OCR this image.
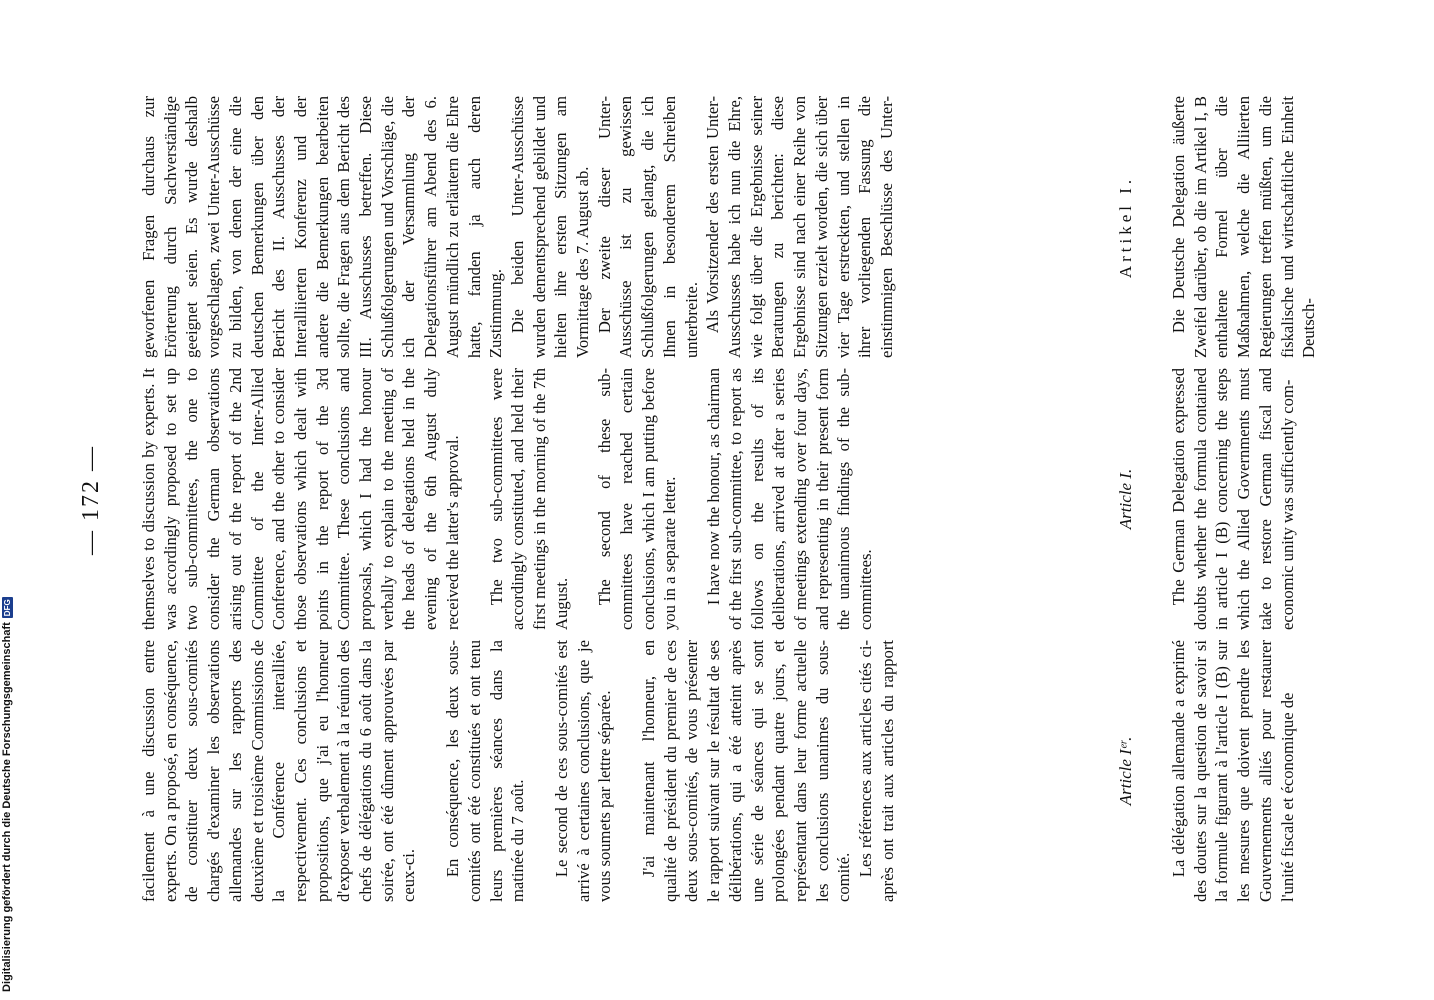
— 172 —

facilement à une discussion entre experts. On a proposé, en conséquence, de constituer deux sous-comités chargés d'examiner les observations allemandes sur les rapports des deuxième et troisième Commissions de la Conférence interalliée, respectivement. Ces conclusions et propositions, que j'ai eu l'honneur d'exposer verbalement à la réunion des chefs de délégations du 6 août dans la soirée, ont été dûment approuvées par ceux-ci. En conséquence, les deux sous-comités ont été constitués et ont tenu leurs premières séances dans la matinée du 7 août. Le second de ces sous-comités est arrivé à certaines conclusions, que je vous soumets par lettre séparée. J'ai maintenant l'honneur, en qualité de président du premier de ces deux sous-comités, de vous présenter le rapport suivant sur le résultat de ses délibérations, qui a été atteint après une série de séances qui se sont prolongées pendant quatre jours, et représentant dans leur forme actuelle les conclusions unanimes du sous-comité. Les références aux articles cités ci-après ont trait aux articles du rapport

themselves to discussion by experts. It was accordingly proposed to set up two sub-committees, the one to consider the German observations arising out of the report of the 2nd Committee of the Inter-Allied Conference, and the other to consider those observations which dealt with points in the report of the 3rd Committee. These conclusions and proposals, which I had the honour verbally to explain to the meeting of the heads of delegations held in the evening of the 6th August duly received the latter's approval. The two sub-committees were accordingly constituted, and held their first meetings in the morning of the 7th August. The second of these sub-committees have reached certain conclusions, which I am putting before you in a separate letter. I have now the honour, as chairman of the first sub-committee, to report as follows on the results of its deliberations, arrived at after a series of meetings extending over four days, and representing in their present form the unanimous findings of the sub-committees.

geworfenen Fragen durchaus zur Erörterung durch Sachverständige geeignet seien. Es wurde deshalb vorgeschlagen, zwei Unter-Ausschüsse zu bilden, von denen der eine die deutschen Bemerkungen über den Bericht des II. Ausschusses der Interalliierten Konferenz und der andere die Bemerkungen bearbeiten sollte, die Fragen aus dem Bericht des III. Ausschusses betreffen. Diese Schlußfolgerungen und Vorschläge, die ich der Versammlung der Delegationsführer am Abend des 6. August mündlich zu erläutern die Ehre hatte, fanden ja auch deren Zustimmung. Die beiden Unter-Ausschüsse wurden dementsprechend gebildet und hielten ihre ersten Sitzungen am Vormittage des 7. August ab. Der zweite dieser Unter-Ausschüsse ist zu gewissen Schlußfolgerungen gelangt, die ich Ihnen in besonderem Schreiben unterbreite. Als Vorsitzender des ersten Unter-Ausschusses habe ich nun die Ehre, wie folgt über die Ergebnisse seiner Beratungen zu berichten: diese Ergebnisse sind nach einer Reihe von Sitzungen erzielt worden, die sich über vier Tage erstreckten, und stellen in ihrer vorliegenden Fassung die einstimmigen Beschlüsse des Unter-

Article Iᵉʳ.
Article I.
Artikel I.

La délégation allemande a exprimé des doutes sur la question de savoir si la formule figurant à l'article I (B) sur les mesures que doivent prendre les Gouvernements alliés pour restaurer l'unité fiscale et économique de

The German Delegation expressed doubts whether the formula contained in article I (B) concerning the steps which the Allied Governments must take to restore German fiscal and economic unity was sufficiently com-

Die Deutsche Delegation äußerte Zweifel darüber, ob die im Artikel I, B enthaltene Formel über die Maßnahmen, welche die Alliierten Regierungen treffen müßten, um die fiskalische und wirtschaftliche Einheit Deutsch-

Digitalisierung gefördert durch die Deutsche Forschungsgemeinschaft
DFG
